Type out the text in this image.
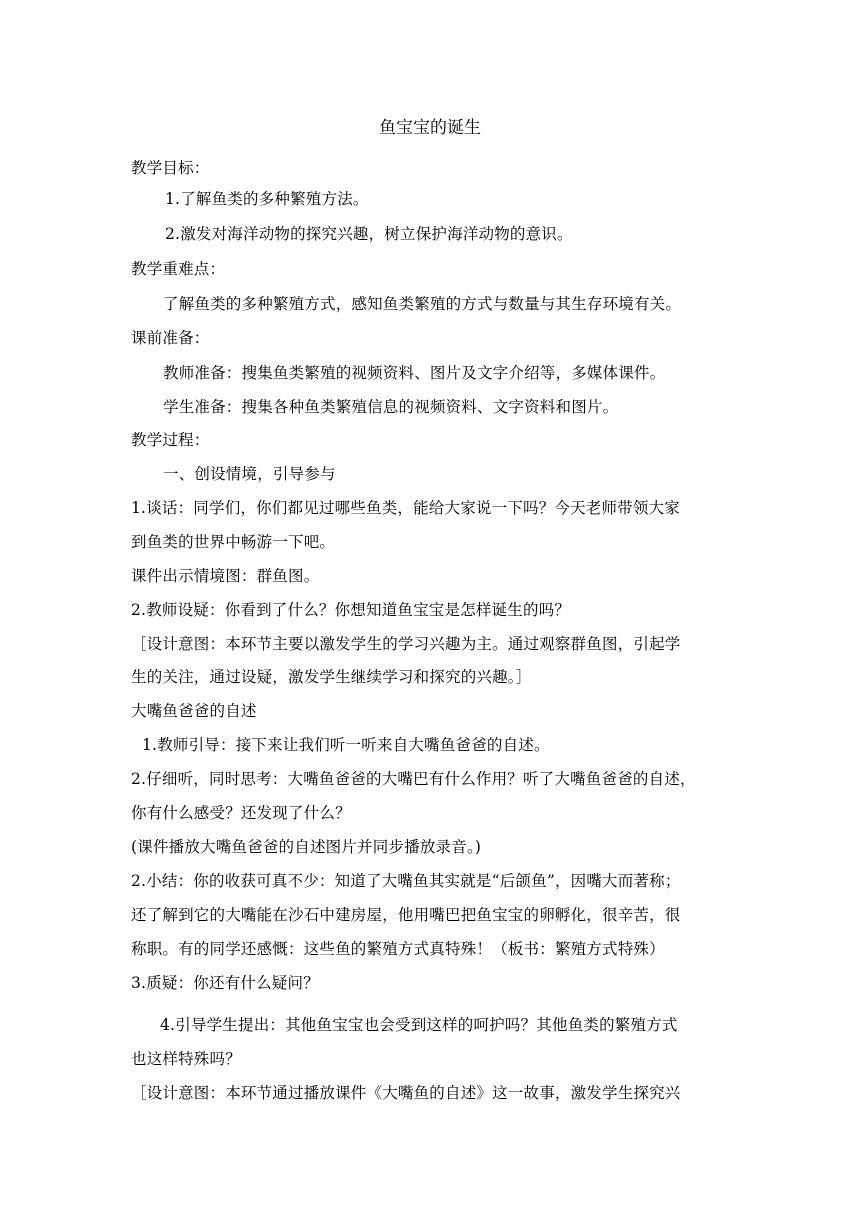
鱼宝宝的诞生
教学目标：
1.了解鱼类的多种繁殖方法。
2.激发对海洋动物的探究兴趣，树立保护海洋动物的意识。
教学重难点：
了解鱼类的多种繁殖方式，感知鱼类繁殖的方式与数量与其生存环境有关。
课前准备：
教师准备：搜集鱼类繁殖的视频资料、图片及文字介绍等，多媒体课件。
学生准备：搜集各种鱼类繁殖信息的视频资料、文字资料和图片。
教学过程：
一、创设情境，引导参与
1.谈话：同学们，你们都见过哪些鱼类，能给大家说一下吗？今天老师带领大家
到鱼类的世界中畅游一下吧。
课件出示情境图：群鱼图。
2.教师设疑：你看到了什么？你想知道鱼宝宝是怎样诞生的吗？
［设计意图：本环节主要以激发学生的学习兴趣为主。通过观察群鱼图，引起学
生的关注，通过设疑，激发学生继续学习和探究的兴趣。］
大嘴鱼爸爸的自述
1.教师引导：接下来让我们听一听来自大嘴鱼爸爸的自述。
2.仔细听，同时思考：大嘴鱼爸爸的大嘴巴有什么作用？听了大嘴鱼爸爸的自述，
你有什么感受？还发现了什么？
(课件播放大嘴鱼爸爸的自述图片并同步播放录音。)
2.小结：你的收获可真不少：知道了大嘴鱼其实就是“后颌鱼”，因嘴大而著称；
还了解到它的大嘴能在沙石中建房屋，他用嘴巴把鱼宝宝的卵孵化，很辛苦，很
称职。有的同学还感慨：这些鱼的繁殖方式真特殊！（板书：繁殖方式特殊）
3.质疑：你还有什么疑问？
4.引导学生提出：其他鱼宝宝也会受到这样的呵护吗？其他鱼类的繁殖方式
也这样特殊吗？
［设计意图：本环节通过播放课件《大嘴鱼的自述》这一故事，激发学生探究兴
